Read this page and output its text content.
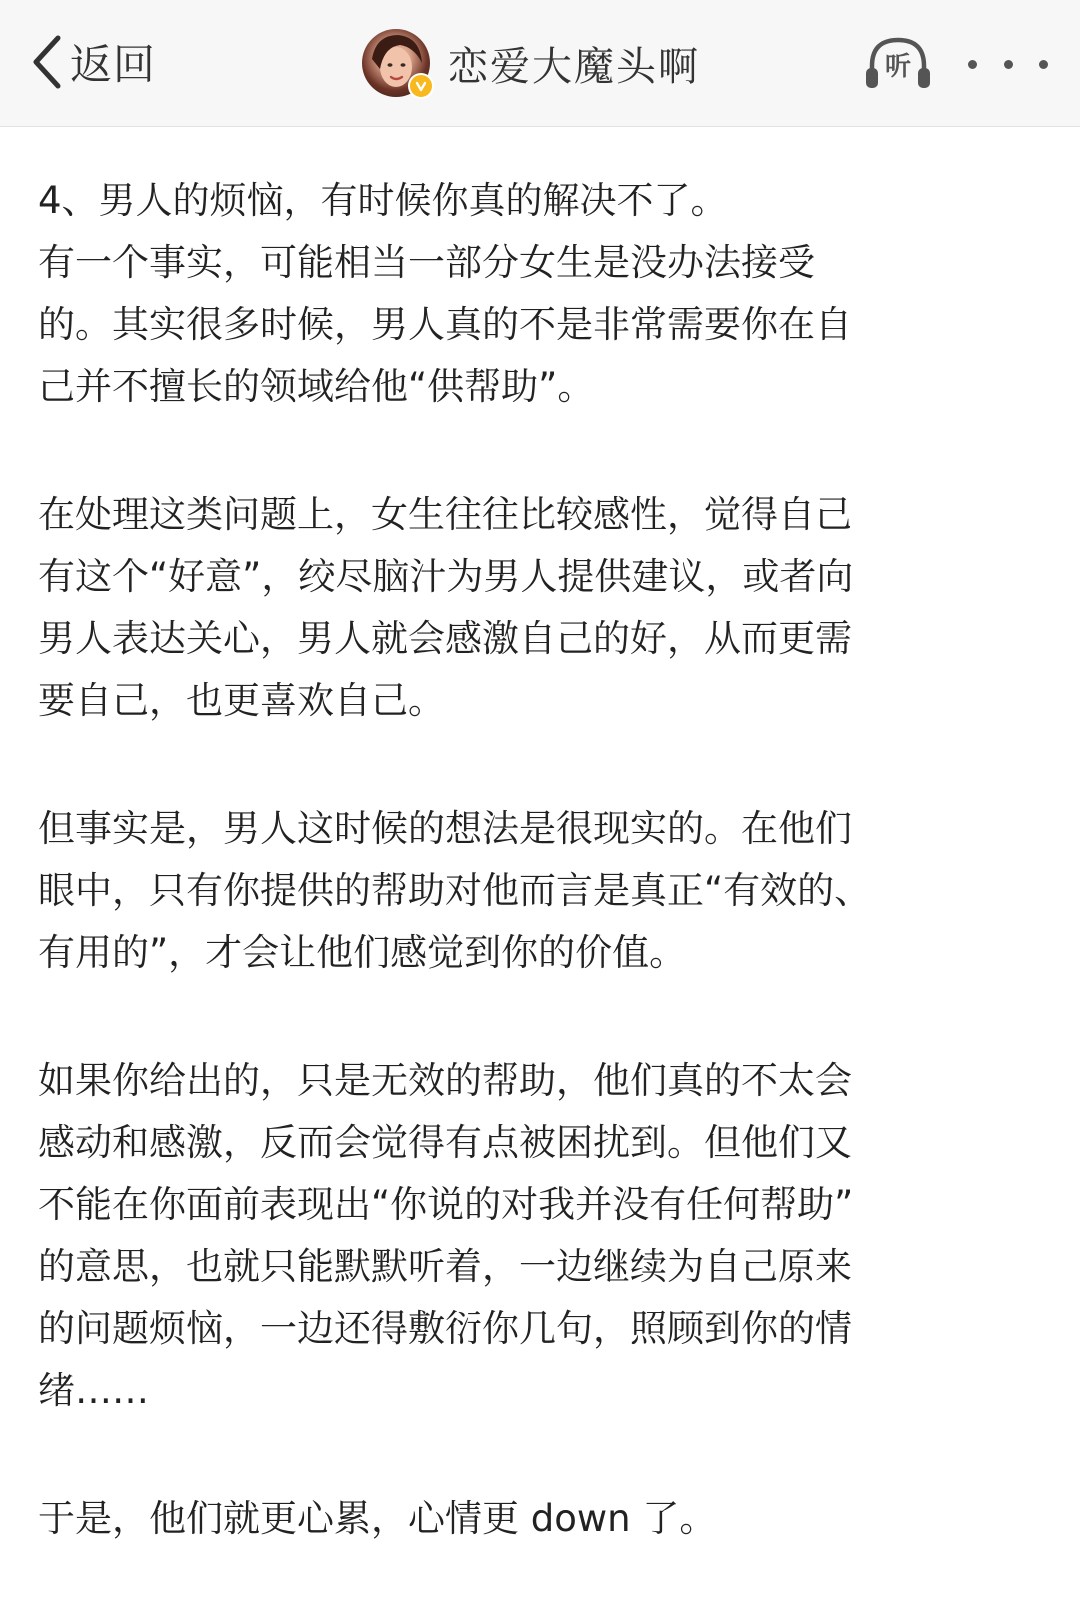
返回	恋爱大魔头啊	听

4、男人的烦恼，有时候你真的解决不了。
有一个事实，可能相当一部分女生是没办法接受
的。其实很多时候，男人真的不是非常需要你在自
己并不擅长的领域给他“供帮助”。

在处理这类问题上，女生往往比较感性，觉得自己
有这个“好意”，绞尽脑汁为男人提供建议，或者向
男人表达关心，男人就会感激自己的好，从而更需
要自己，也更喜欢自己。

但事实是，男人这时候的想法是很现实的。在他们
眼中，只有你提供的帮助对他而言是真正“有效的、
有用的”，才会让他们感觉到你的价值。

如果你给出的，只是无效的帮助，他们真的不太会
感动和感激，反而会觉得有点被困扰到。但他们又
不能在你面前表现出“你说的对我并没有任何帮助”
的意思，也就只能默默听着，一边继续为自己原来
的问题烦恼，一边还得敷衍你几句，照顾到你的情
绪……

于是，他们就更心累，心情更 down 了。
